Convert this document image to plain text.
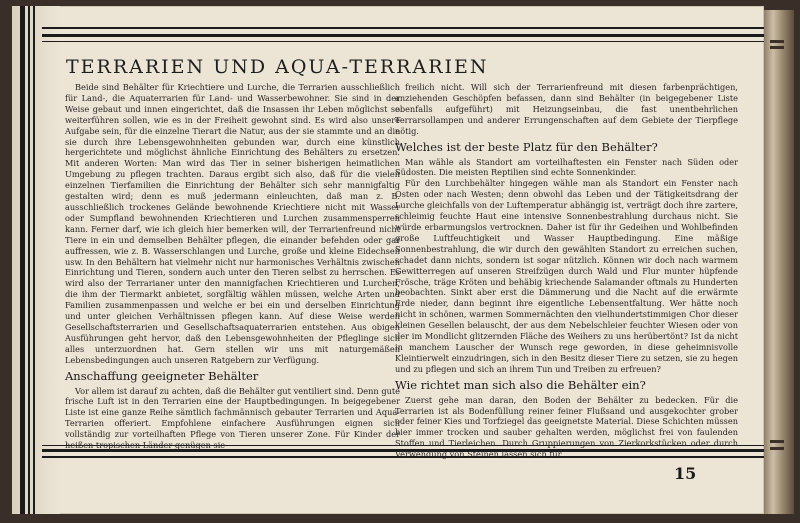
TERRARIEN UND AQUA-TERRARIEN

Beide sind Behälter für Kriechtiere und Lurche, die Terrarien ausschließlich für Land-, die Aquaterrarien für Land- und Wasserbewohner. Sie sind in der Weise gebaut und innen eingerichtet, daß die Insassen ihr Leben möglichst so weiterführen sollen, wie es in der Freiheit gewohnt sind. Es wird also unsere Aufgabe sein, für die einzelne Tierart die Natur, aus der sie stammte und an die sie durch ihre Lebensgewohnheiten gebunden war, durch eine künstlich hergerichtete und möglichst ähnliche Einrichtung des Behälters zu ersetzen. Mit anderen Worten: Man wird das Tier in seiner bisherigen heimatlichen Umgebung zu pflegen trachten. Daraus ergibt sich also, daß für die vielen einzelnen Tierfamilien die Einrichtung der Behälter sich sehr mannigfaltig gestalten wird; denn es muß jedermann einleuchten, daß man z. B. ausschließlich trockenes Gelände bewohnende Kriechtiere nicht mit Wasser oder Sumpfland bewohnenden Kriechtieren und Lurchen zusammensperren kann. Ferner darf, wie ich gleich hier bemerken will, der Terrarienfreund nicht Tiere in ein und demselben Behälter pflegen, die einander befehden oder gar auffressen, wie z. B. Wasserschlangen und Lurche, große und kleine Eidechsen usw. In den Behältern hat vielmehr nicht nur harmonisches Verhältnis zwischen Einrichtung und Tieren, sondern auch unter den Tieren selbst zu herrschen. Es wird also der Terrarianer unter den mannigfachen Kriechtieren und Lurchen, die ihm der Tiermarkt anbietet, sorgfältig wählen müssen, welche Arten und Familien zusammenpassen und welche er bei ein und derselben Einrichtung und unter gleichen Verhältnissen pflegen kann. Auf diese Weise werden Gesellschaftsterrarien und Gesellschaftsaquaterrarien entstehen. Aus obigen Ausführungen geht hervor, daß den Lebensgewohnheiten der Pfleglinge sich alles unterzuordnen hat. Gern stellen wir uns mit naturgemäßen Lebensbedingungen auch unseren Ratgebern zur Verfügung.

Anschaffung geeigneter Behälter

Vor allem ist darauf zu achten, daß die Behälter gut ventiliert sind. Denn gute frische Luft ist in den Terrarien eine der Hauptbedingungen. In beigegebener Liste ist eine ganze Reihe sämtlich fachmännisch gebauter Terrarien und Aqua-Terrarien offeriert. Empfohlene einfachere Ausführungen eignen sich vollständig zur vorteilhaften Pflege von Tieren unserer Zone. Für Kinder der heißen tropischen Länder genügen sie

freilich nicht. Will sich der Terrarienfreund mit diesen farbenprächtigen, anziehenden Geschöpfen befassen, dann sind Behälter (in beigegebener Liste ebenfalls aufgeführt) mit Heizungseinbau, die fast unentbehrlichen Terrarsollampen und anderer Errungenschaften auf dem Gebiete der Tierpflege nötig.

Welches ist der beste Platz für den Behälter?

Man wähle als Standort am vorteilhaftesten ein Fenster nach Süden oder Südosten. Die meisten Reptilien sind echte Sonnenkinder.

Für den Lurchbehälter hingegen wähle man als Standort ein Fenster nach Osten oder nach Westen; denn obwohl das Leben und der Tätigkeitsdrang der Lurche gleichfalls von der Luftemperatur abhängig ist, verträgt doch ihre zartere, schleimig feuchte Haut eine intensive Sonnenbestrahlung durchaus nicht. Sie würde erbarmungslos vertrocknen. Daher ist für ihr Gedeihen und Wohlbefinden große Luftfeuchtigkeit und Wasser Hauptbedingung. Eine mäßige Sonnenbestrahlung, die wir durch den gewählten Standort zu erreichen suchen, schadet dann nichts, sondern ist sogar nützlich. Können wir doch nach warmem Gewitterregen auf unseren Streifzügen durch Wald und Flur munter hüpfende Frösche, träge Kröten und behäbig kriechende Salamander oftmals zu Hunderten beobachten. Sinkt aber erst die Dämmerung und die Nacht auf die erwärmte Erde nieder, dann beginnt ihre eigentliche Lebensentfaltung. Wer hätte noch nicht in schönen, warmen Sommernächten den vielhundertstimmigen Chor dieser kleinen Gesellen belauscht, der aus dem Nebelschleier feuchter Wiesen oder von der im Mondlicht glitzernden Fläche des Weihers zu uns herübertönt? Ist da nicht in manchem Lauscher der Wunsch rege geworden, in diese geheimnisvolle Kleintierwelt einzudringen, sich in den Besitz dieser Tiere zu setzen, sie zu hegen und zu pflegen und sich an ihrem Tun und Treiben zu erfreuen?

Wie richtet man sich also die Behälter ein?

Zuerst gehe man daran, den Boden der Behälter zu bedecken. Für die Terrarien ist als Bodenfüllung reiner feiner Flußsand und ausgekochter grober oder feiner Kies und Torfziegel das geeignetste Material. Diese Schichten müssen hier immer trocken und sauber gehalten werden, möglichst frei von faulenden Stoffen und Tierleichen. Durch Gruppierungen von Zierkorkstücken oder durch Verwendung von Steinen lassen sich für

15
